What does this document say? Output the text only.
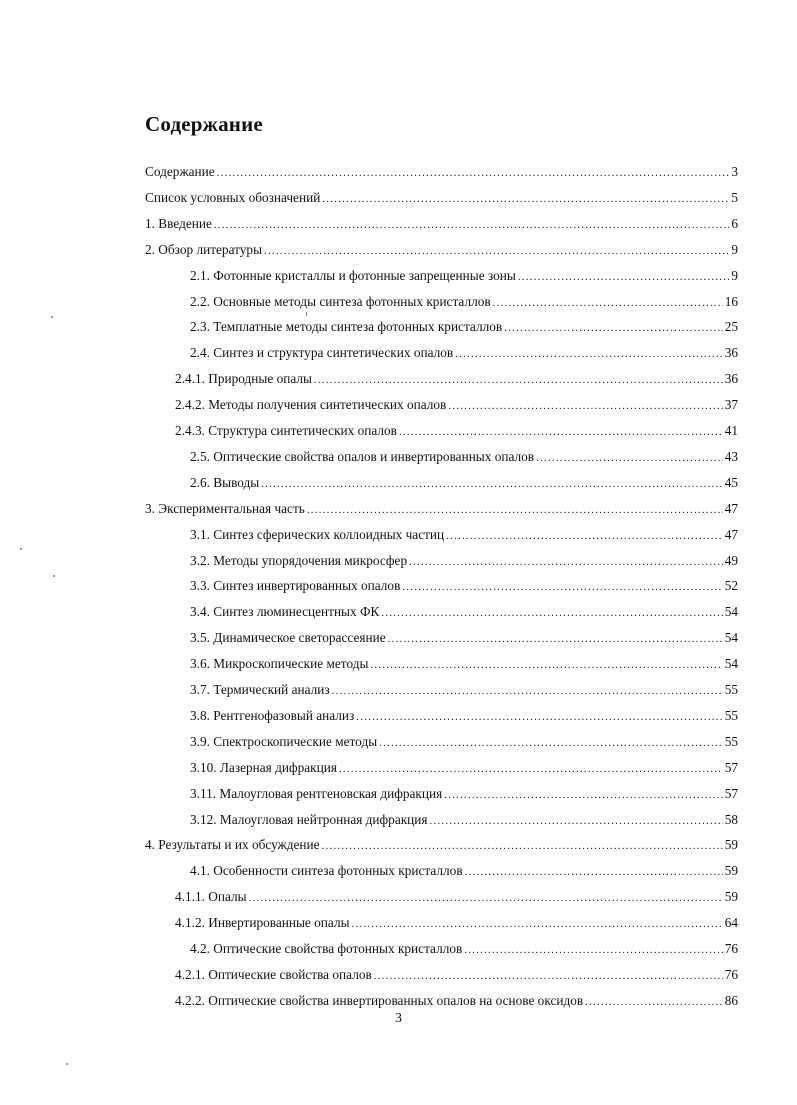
Содержание
Содержание .....	3
Список условных обозначений .....	5
1. Введение .....	6
2. Обзор литературы .....	9
2.1. Фотонные кристаллы и фотонные запрещенные зоны .....	9
2.2. Основные методы синтеза фотонных кристаллов .....	16
2.3. Темплатные методы синтеза фотонных кристаллов .....	25
2.4. Синтез и структура синтетических опалов .....	36
2.4.1. Природные опалы .....	36
2.4.2. Методы получения синтетических опалов .....	37
2.4.3. Структура синтетических опалов .....	41
2.5. Оптические свойства опалов и инвертированных опалов .....	43
2.6. Выводы .....	45
3. Экспериментальная часть .....	47
3.1. Синтез сферических коллоидных частиц .....	47
3.2. Методы упорядочения микросфер .....	49
3.3. Синтез инвертированных опалов .....	52
3.4. Синтез люминесцентных ФК .....	54
3.5. Динамическое светорассеяние .....	54
3.6. Микроскопические методы .....	54
3.7. Термический анализ .....	55
3.8. Рентгенофазовый анализ .....	55
3.9. Спектроскопические методы .....	55
3.10. Лазерная дифракция .....	57
3.11. Малоугловая рентгеновская дифракция .....	57
3.12. Малоугловая нейтронная дифракция .....	58
4. Результаты и их обсуждение .....	59
4.1. Особенности синтеза фотонных кристаллов .....	59
4.1.1. Опалы .....	59
4.1.2. Инвертированные опалы .....	64
4.2. Оптические свойства фотонных кристаллов .....	76
4.2.1. Оптические свойства опалов .....	76
4.2.2. Оптические свойства инвертированных опалов на основе оксидов .....	86
3
